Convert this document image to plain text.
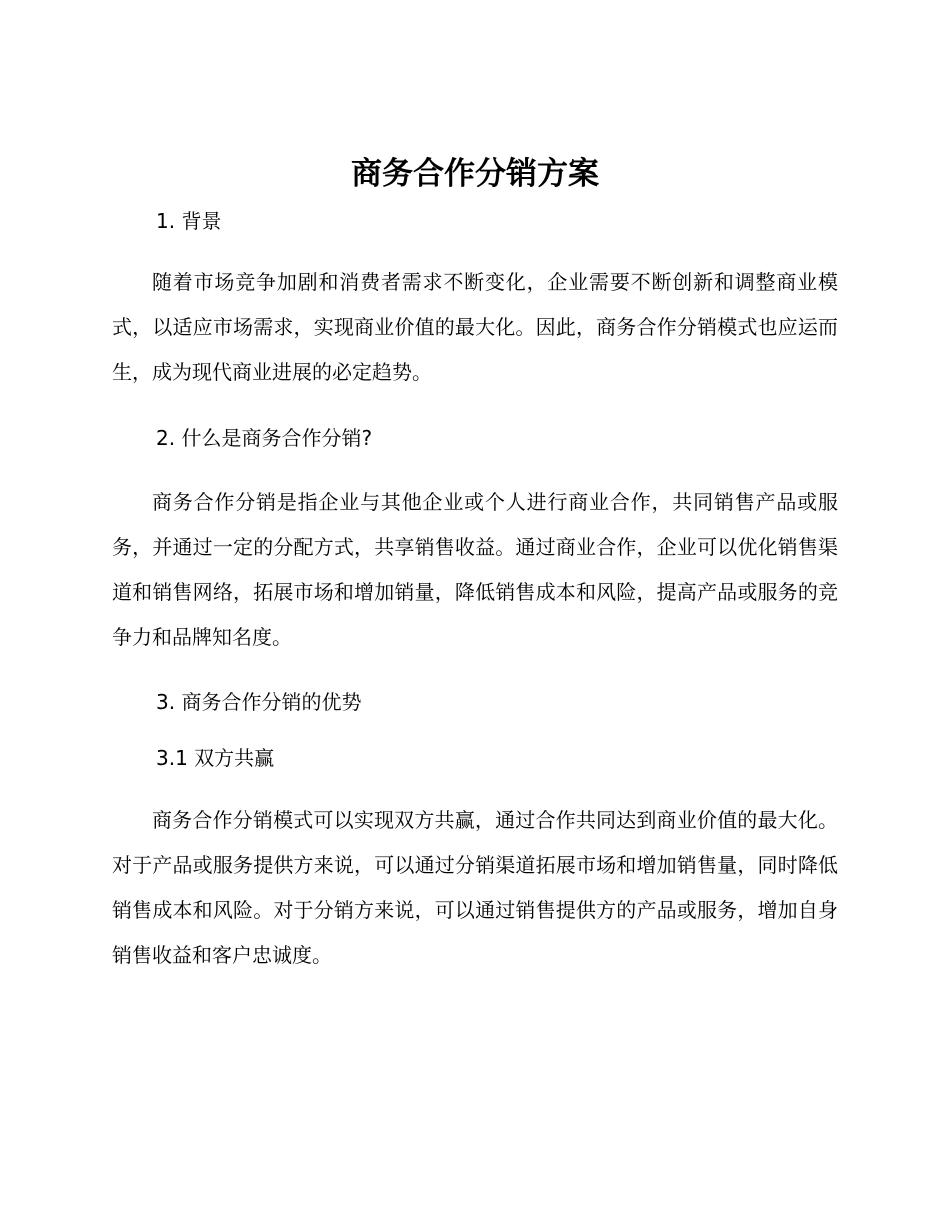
商务合作分销方案
1. 背景

随着市场竞争加剧和消费者需求不断变化，企业需要不断创新和调整商业模式，以适应市场需求，实现商业价值的最大化。因此，商务合作分销模式也应运而生，成为现代商业进展的必定趋势。

2. 什么是商务合作分销?

商务合作分销是指企业与其他企业或个人进行商业合作，共同销售产品或服务，并通过一定的分配方式，共享销售收益。通过商业合作，企业可以优化销售渠道和销售网络，拓展市场和增加销量，降低销售成本和风险，提高产品或服务的竞争力和品牌知名度。

3. 商务合作分销的优势
3.1 双方共赢

商务合作分销模式可以实现双方共赢，通过合作共同达到商业价值的最大化。对于产品或服务提供方来说，可以通过分销渠道拓展市场和增加销售量，同时降低销售成本和风险。对于分销方来说，可以通过销售提供方的产品或服务，增加自身销售收益和客户忠诚度。
